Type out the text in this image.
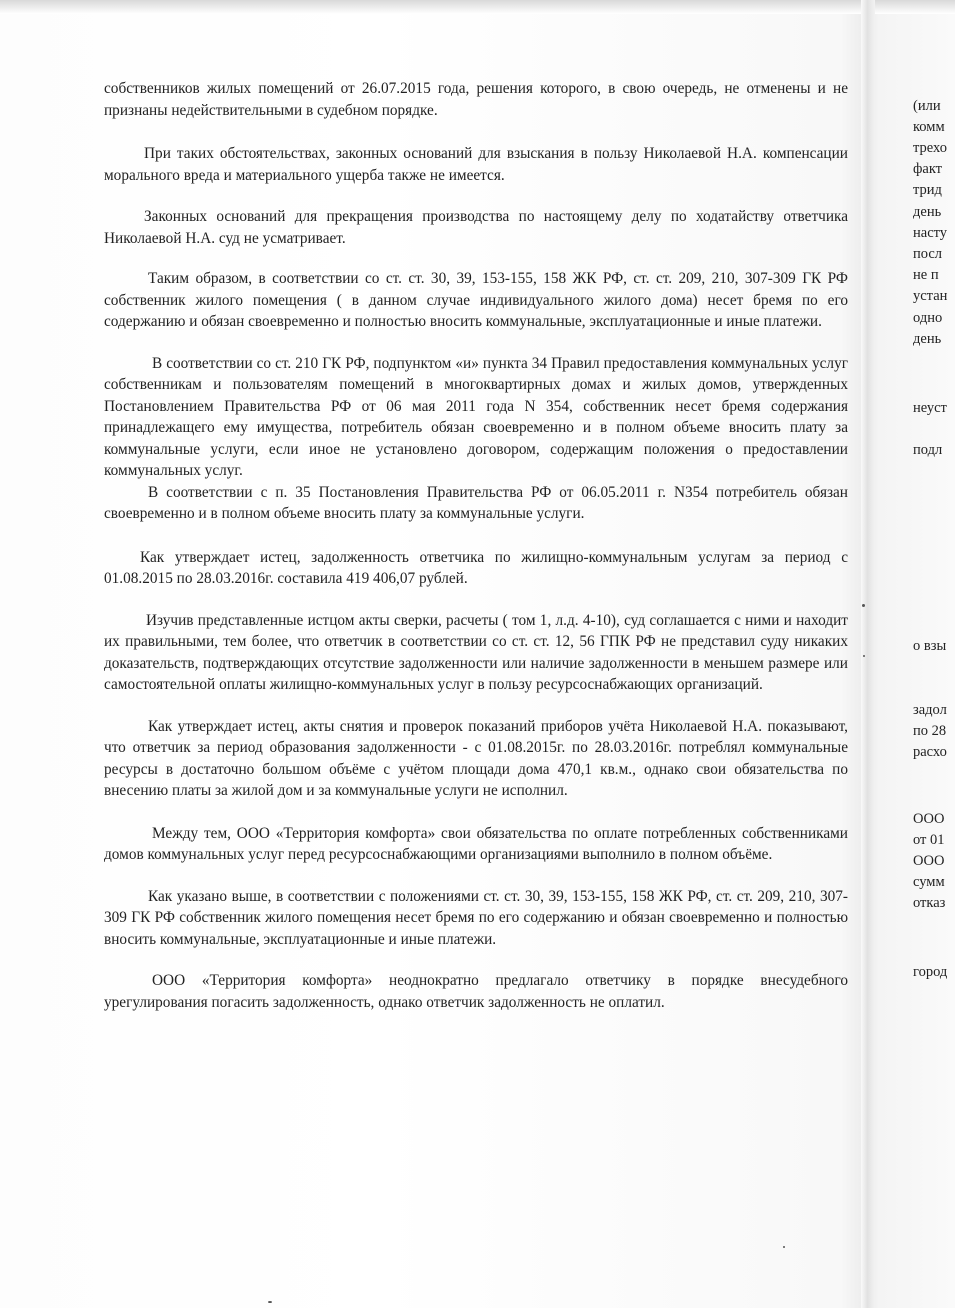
собственников жилых помещений от 26.07.2015 года, решения которого, в свою очередь, не отменены и не признаны недействительными в судебном порядке.

При таких обстоятельствах, законных оснований для взыскания в пользу Николаевой Н.А. компенсации морального вреда и материального ущерба также не имеется.

Законных оснований для прекращения производства по настоящему делу по ходатайству ответчика Николаевой Н.А. суд не усматривает.

Таким образом, в соответствии со ст. ст. 30, 39, 153-155, 158 ЖК РФ, ст. ст. 209, 210, 307-309 ГК РФ собственник жилого помещения ( в данном случае индивидуального жилого дома) несет бремя по его содержанию и обязан своевременно и полностью вносить коммунальные, эксплуатационные и иные платежи.

В соответствии со ст. 210 ГК РФ, подпунктом «и» пункта 34 Правил предоставления коммунальных услуг собственникам и пользователям помещений в многоквартирных домах и жилых домов, утвержденных Постановлением Правительства РФ от 06 мая 2011 года N 354, собственник несет бремя содержания принадлежащего ему имущества, потребитель обязан своевременно и в полном объеме вносить плату за коммунальные услуги, если иное не установлено договором, содержащим положения о предоставлении коммунальных услуг.

В соответствии с п. 35 Постановления Правительства РФ от 06.05.2011 г. N354 потребитель обязан своевременно и в полном объеме вносить плату за коммунальные услуги.

Как утверждает истец, задолженность ответчика по жилищно-коммунальным услугам за период с 01.08.2015 по 28.03.2016г. составила 419 406,07 рублей.

Изучив представленные истцом акты сверки, расчеты ( том 1, л.д. 4-10), суд соглашается с ними и находит их правильными, тем более, что ответчик в соответствии со ст. ст. 12, 56 ГПК РФ не представил суду никаких доказательств, подтверждающих отсутствие задолженности или наличие задолженности в меньшем размере или самостоятельной оплаты жилищно-коммунальных услуг в пользу ресурсоснабжающих организаций.

Как утверждает истец, акты снятия и проверок показаний приборов учёта Николаевой Н.А. показывают, что ответчик за период образования задолженности - с 01.08.2015г. по 28.03.2016г. потреблял коммунальные ресурсы в достаточно большом объёме с учётом площади дома 470,1 кв.м., однако свои обязательства по внесению платы за жилой дом и за коммунальные услуги не исполнил.

Между тем, ООО «Территория комфорта» свои обязательства по оплате потребленных собственниками домов коммунальных услуг перед ресурсоснабжающими организациями выполнило в полном объёме.

Как указано выше, в соответствии с положениями ст. ст. 30, 39, 153-155, 158 ЖК РФ, ст. ст. 209, 210, 307-309 ГК РФ собственник жилого помещения несет бремя по его содержанию и обязан своевременно и полностью вносить коммунальные, эксплуатационные и иные платежи.

ООО «Территория комфорта» неоднократно предлагало ответчику в порядке внесудебного урегулирования погасить задолженность, однако ответчик задолженность не оплатил.

(или
комм
трехо
факт
трид
день
насту
посл
не п
устан
одно
день
неуст
подл
о взы
задол
по 28
расхо
ООО
от 01
ООО
сумм
отказ
город
